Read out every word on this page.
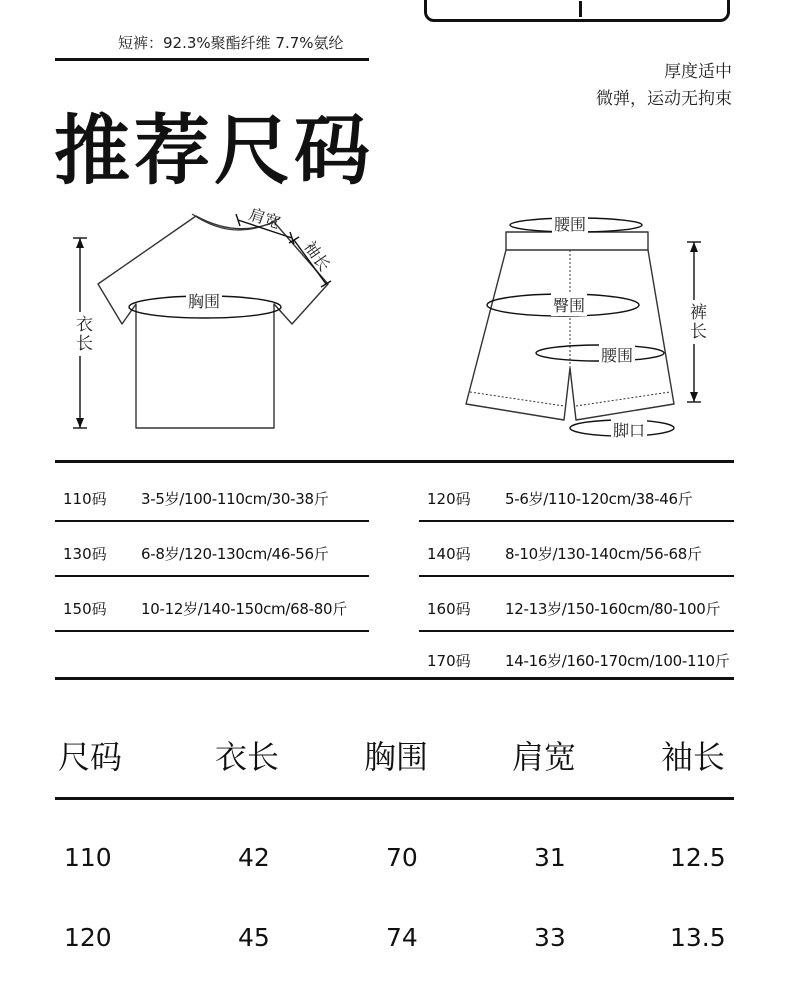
短裤：92.3%聚酯纤维 7.7%氨纶
厚度适中
微弹，运动无拘束
推荐尺码
肩宽
袖长
胸围
衣长
腰围
臀围
腰围
脚口
裤长
110码 3-5岁/100-110cm/30-38斤	120码 5-6岁/110-120cm/38-46斤
130码 6-8岁/120-130cm/46-56斤	140码 8-10岁/130-140cm/56-68斤
150码 10-12岁/140-150cm/68-80斤	160码 12-13岁/150-160cm/80-100斤
170码 14-16岁/160-170cm/100-110斤
尺码	衣长	胸围	肩宽	袖长
110	42	70	31	12.5
120	45	74	33	13.5
